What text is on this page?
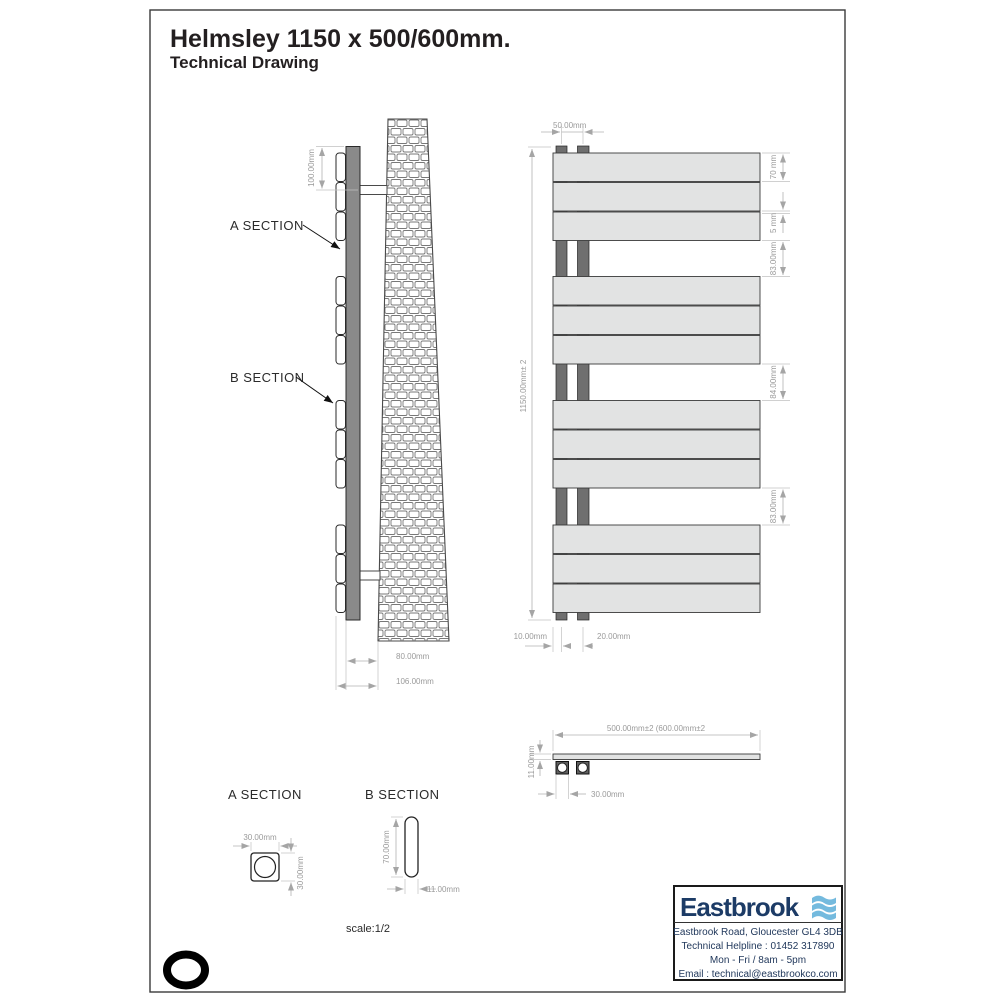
Helmsley 1150 x 500/600mm.
Technical Drawing
100.00mm
A SECTION
B SECTION
80.00mm
106.00mm
50.00mm
1150.00mm± 2
70 mm
5 mm
83.00mm
84.00mm
83.00mm
10.00mm	20.00mm
500.00mm±2 (600.00mm±2
11.00mm
30.00mm
A SECTION
30.00mm
30.00mm
B SECTION
70.00mm
11.00mm
scale:1/2
Eastbrook
Eastbrook Road, Gloucester GL4 3DB
Technical Helpline : 01452 317890
Mon - Fri / 8am - 5pm
Email : technical@eastbrookco.com
